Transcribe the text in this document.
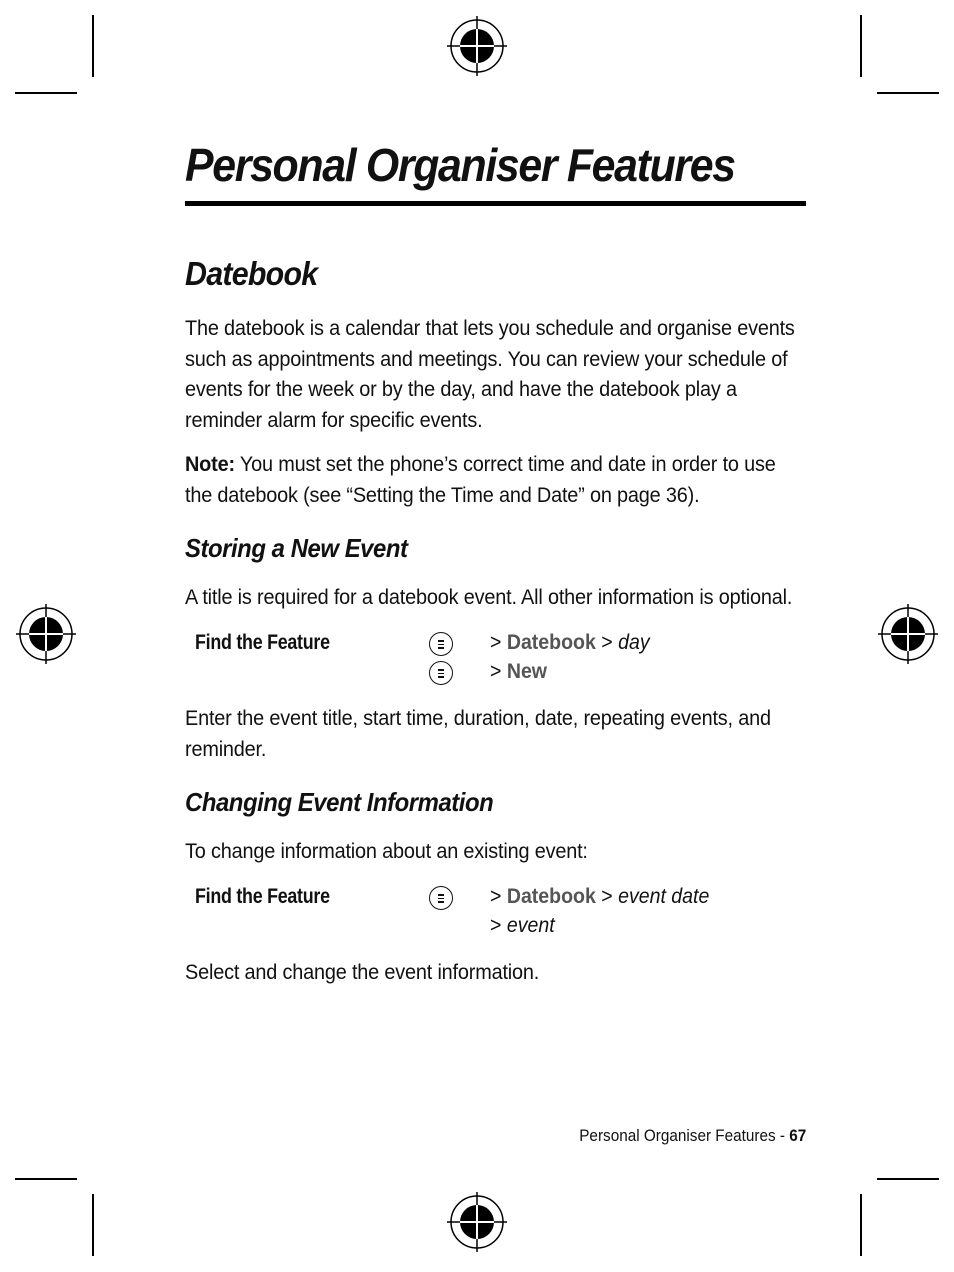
Personal Organiser Features
Datebook
The datebook is a calendar that lets you schedule and organise events such as appointments and meetings. You can review your schedule of events for the week or by the day, and have the datebook play a reminder alarm for specific events.
Note: You must set the phone’s correct time and date in order to use the datebook (see “Setting the Time and Date” on page 36).
Storing a New Event
A title is required for a datebook event. All other information is optional.
Find the Feature	> Datebook > day
> New
Enter the event title, start time, duration, date, repeating events, and reminder.
Changing Event Information
To change information about an existing event:
Find the Feature	> Datebook > event date
> event
Select and change the event information.
Personal Organiser Features - 67
